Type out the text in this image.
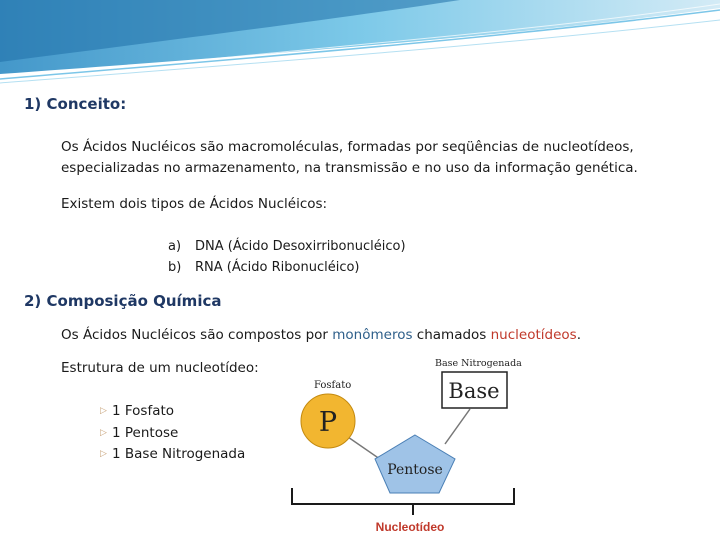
1) Conceito:
Os Ácidos Nucléicos são macromoléculas, formadas por seqüências de nucleotídeos,
especializadas no armazenamento, na transmissão e no uso da informação genética.
Existem dois tipos de Ácidos Nucléicos:
a) DNA (Ácido Desoxirribonucléico)
b) RNA (Ácido Ribonucléico)
2) Composição Química
Os Ácidos Nucléicos são compostos por monômeros chamados nucleotídeos.
Estrutura de um nucleotídeo:
▷ 1 Fosfato
▷ 1 Pentose
▷ 1 Base Nitrogenada
Fosfato
P
Base Nitrogenada
Base
Pentose
Nucleotídeo
